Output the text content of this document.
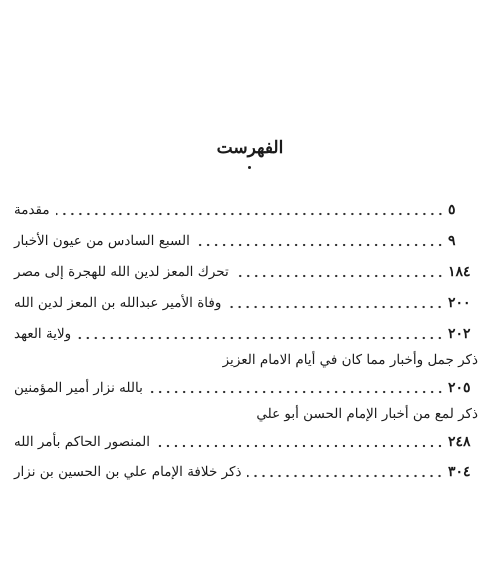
الفهرست
مقدمة	٥
السبع السادس من عيون الأخبار	٩
تحرك المعز لدين الله للهجرة إلى مصر	١٨٤
وفاة الأمير عبدالله بن المعز لدين الله	٢٠٠
ولاية العهد	٢٠٢
ذكر جمل وأخبار مما كان في أيام الامام العزيز
بالله نزار أمير المؤمنين	٢٠٥
ذكر لمع من أخبار الإمام الحسن أبو علي
المنصور الحاكم بأمر الله	٢٤٨
ذكر خلافة الإمام علي بن الحسين بن نزار	٣٠٤
